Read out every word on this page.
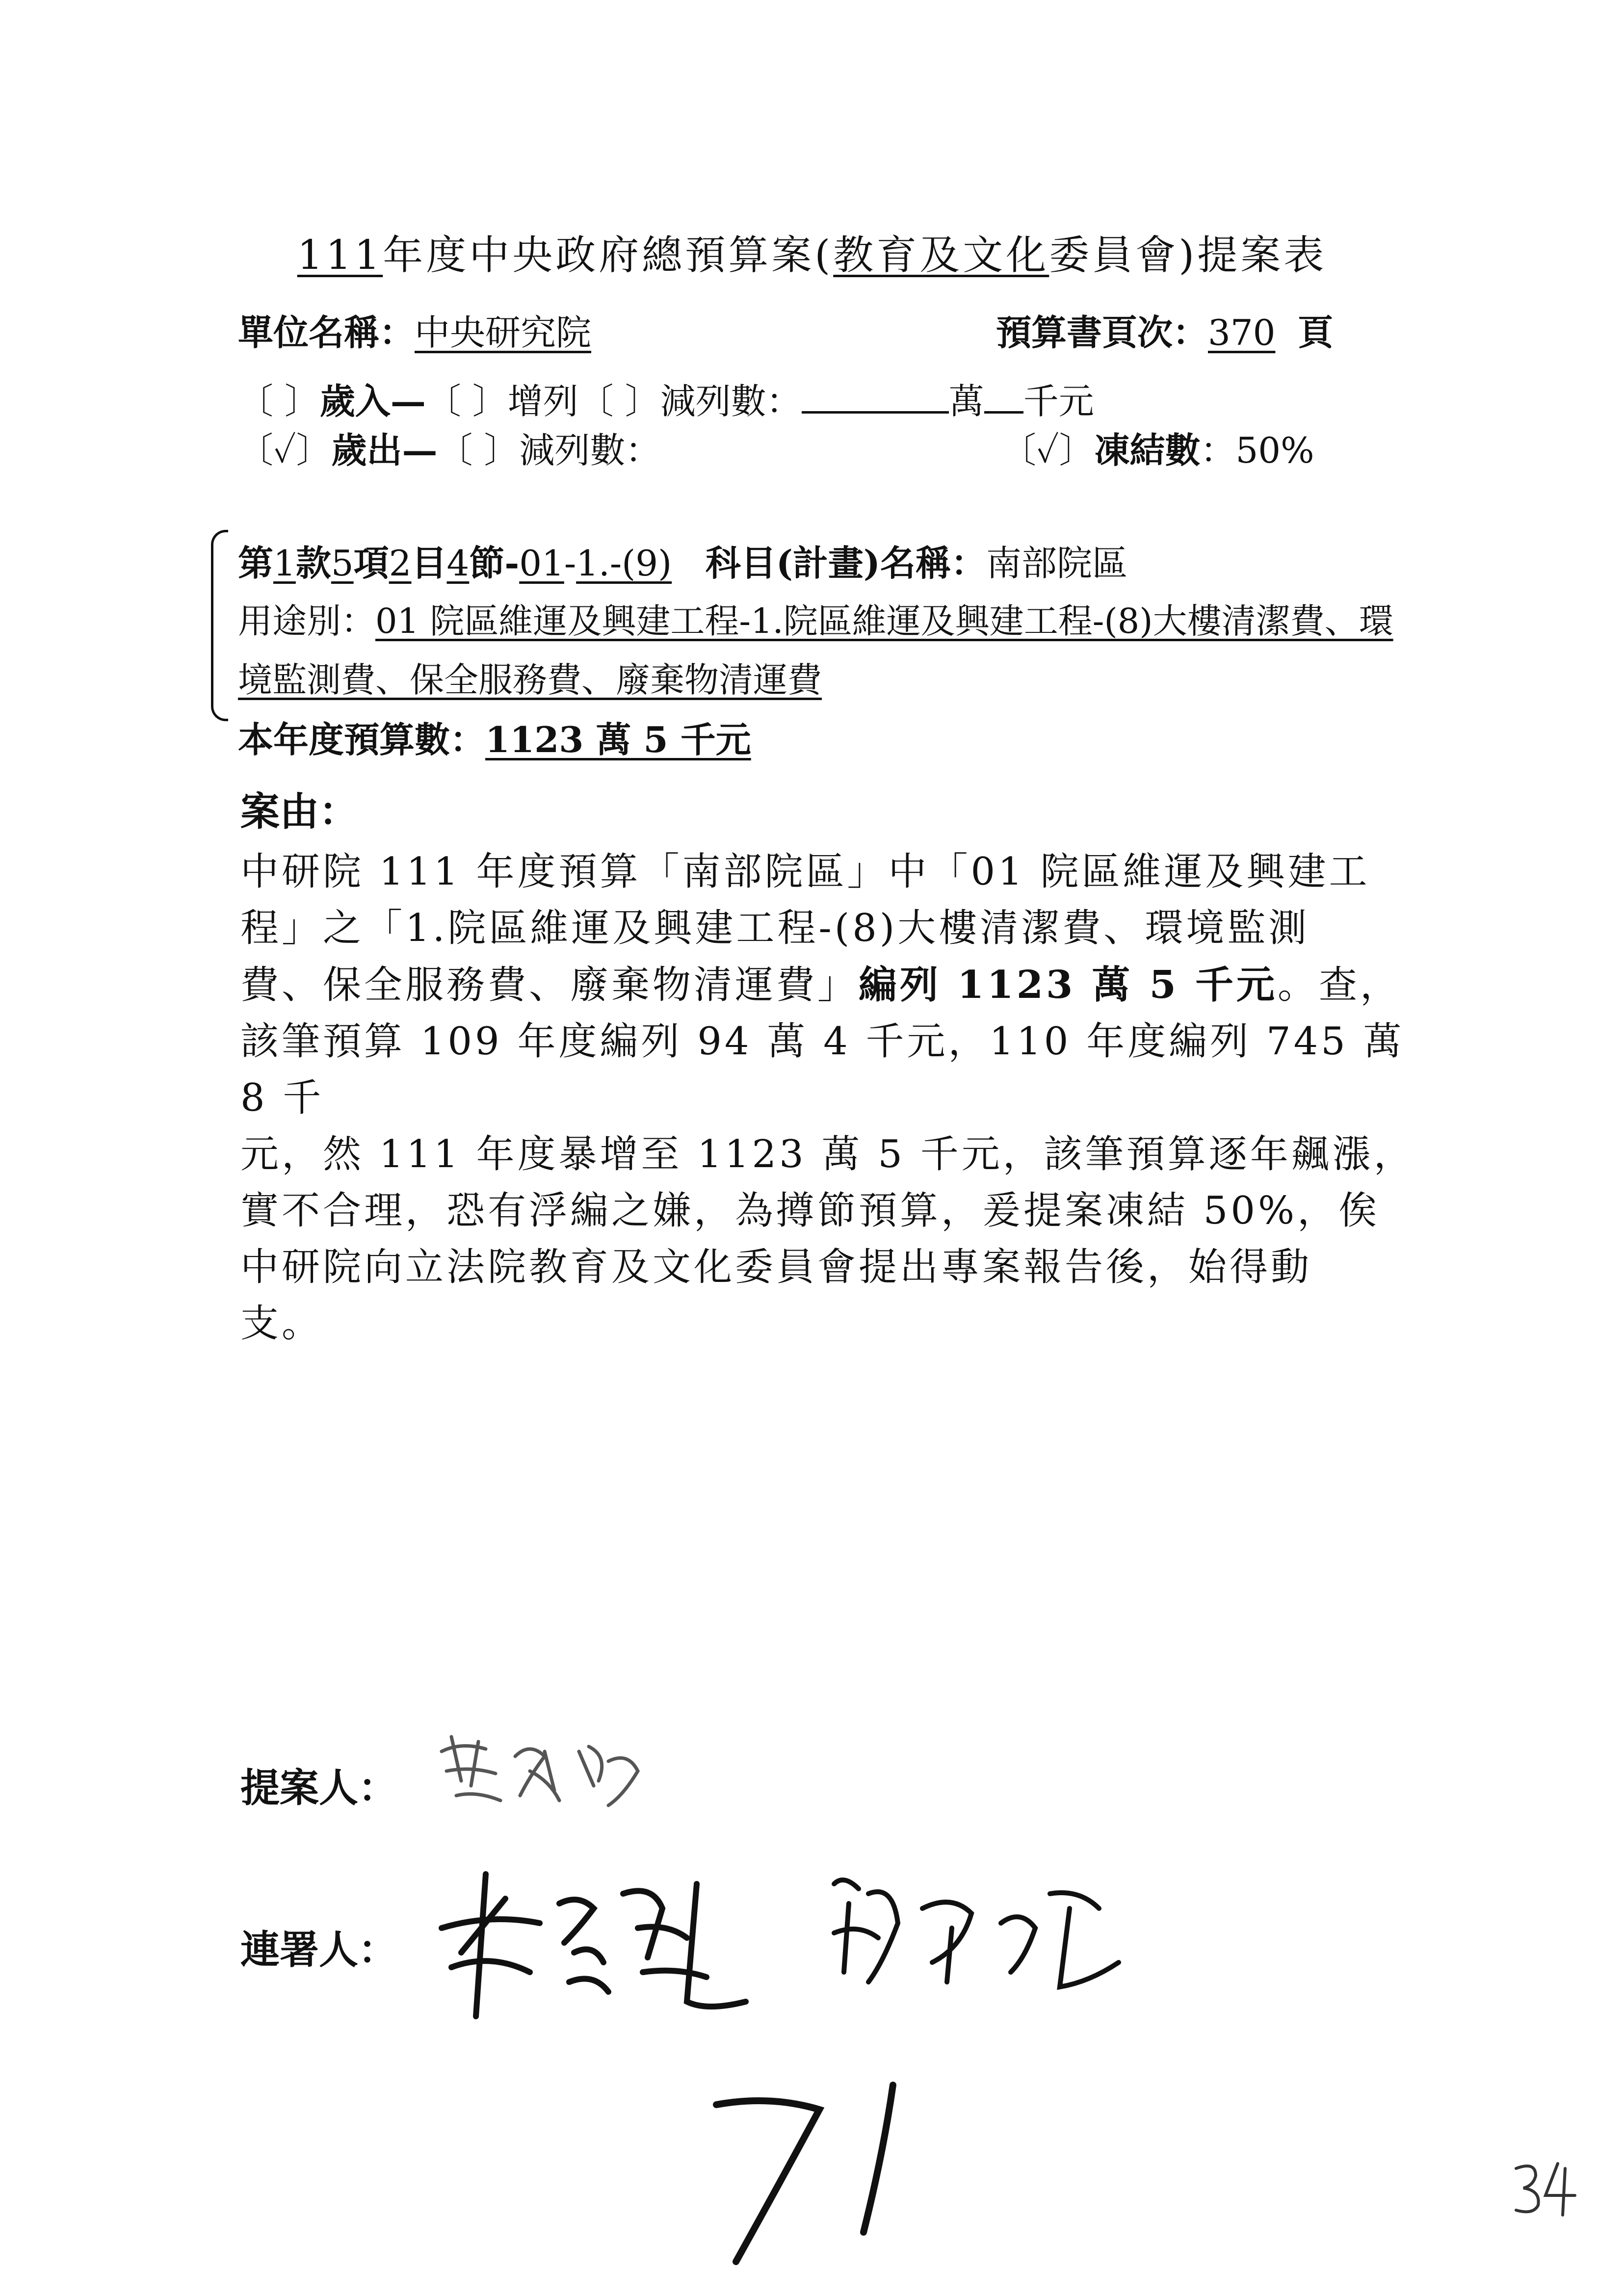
111年度中央政府總預算案(教育及文化委員會)提案表
單位名稱：中央研究院	預算書頁次：370 頁
〔 〕歲入—〔 〕增列〔 〕減列數：	萬 千元
〔✓〕歲出—〔 〕減列數：	〔✓〕凍結數：50%
第1款5項2目4節-01-1.-(9) 科目(計畫)名稱：南部院區
用途別：01 院區維運及興建工程-1.院區維運及興建工程-(8)大樓清潔費、環
境監測費、保全服務費、廢棄物清運費
本年度預算數：1123 萬 5 千元
案由：
中研院 111 年度預算「南部院區」中「01 院區維運及興建工
程」之「1.院區維運及興建工程-(8)大樓清潔費、環境監測
費、保全服務費、廢棄物清運費」編列 1123 萬 5 千元。查，
該筆預算 109 年度編列 94 萬 4 千元，110 年度編列 745 萬 8 千
元，然 111 年度暴增至 1123 萬 5 千元，該筆預算逐年飆漲，
實不合理，恐有浮編之嫌，為撙節預算，爰提案凍結 50%，俟
中研院向立法院教育及文化委員會提出專案報告後，始得動
支。
提案人：
連署人：
